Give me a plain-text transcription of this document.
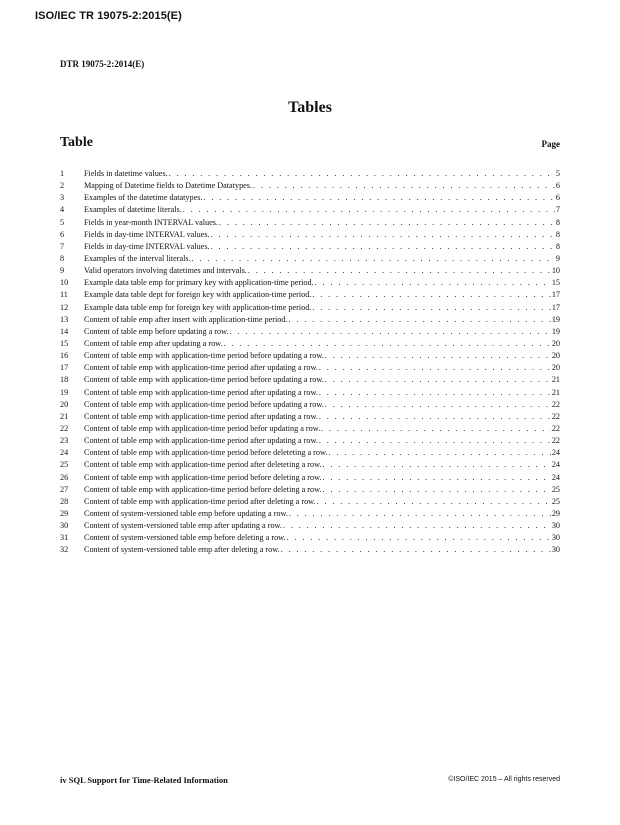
ISO/IEC TR 19075-2:2015(E)
DTR 19075-2:2014(E)
Tables
Table	Page
1	Fields in datetime values. . . .	5
2	Mapping of Datetime fields to Datetime Datatypes. . . .	6
3	Examples of the datetime datatypes. . . .	6
4	Examples of datetime literals. . . .	7
5	Fields in year-month INTERVAL values. . . .	8
6	Fields in day-time INTERVAL values. . . .	8
7	Fields in day-time INTERVAL values. . . .	8
8	Examples of the interval literals. . . .	9
9	Valid operators involving datetimes and intervals. . . .	10
10	Example data table emp for primary key with application-time period. . . .	15
11	Example data table dept for foreign key with application-time period. . . .	17
12	Example data table emp for foreign key with application-time period. . . .	17
13	Content of table emp after insert with application-time period. . . .	19
14	Content of table emp before updating a row. . . .	19
15	Content of table emp after updating a row. . . .	20
16	Content of table emp with application-time period before updating a row. . . .	20
17	Content of table emp with application-time period after updating a row. . . .	20
18	Content of table emp with application-time period before updating a row. . . .	21
19	Content of table emp with application-time period after updating a row. . . .	21
20	Content of table emp with application-time period before updating a row. . . .	22
21	Content of table emp with application-time period after updating a row. . . .	22
22	Content of table emp with application-time period befor updating a row. . . .	22
23	Content of table emp with application-time period after updating a row. . . .	22
24	Content of table emp with application-time period before deleteting a row. . . .	24
25	Content of table emp with application-time period after deleteting a row. . . .	24
26	Content of table emp with application-time period before deleting a row. . . .	24
27	Content of table emp with application-time period before deleting a row. . . .	25
28	Content of table emp with application-time period after deleting a row. . . .	25
29	Content of system-versioned table emp before updating a row. . . .	29
30	Content of system-versioned table emp after updating a row. . . .	30
31	Content of system-versioned table emp before deleting a row. . . .	30
32	Content of system-versioned table emp after deleting a row. . . .	30
iv SQL Support for Time-Related Information	©ISO/IEC 2015 – All rights reserved
